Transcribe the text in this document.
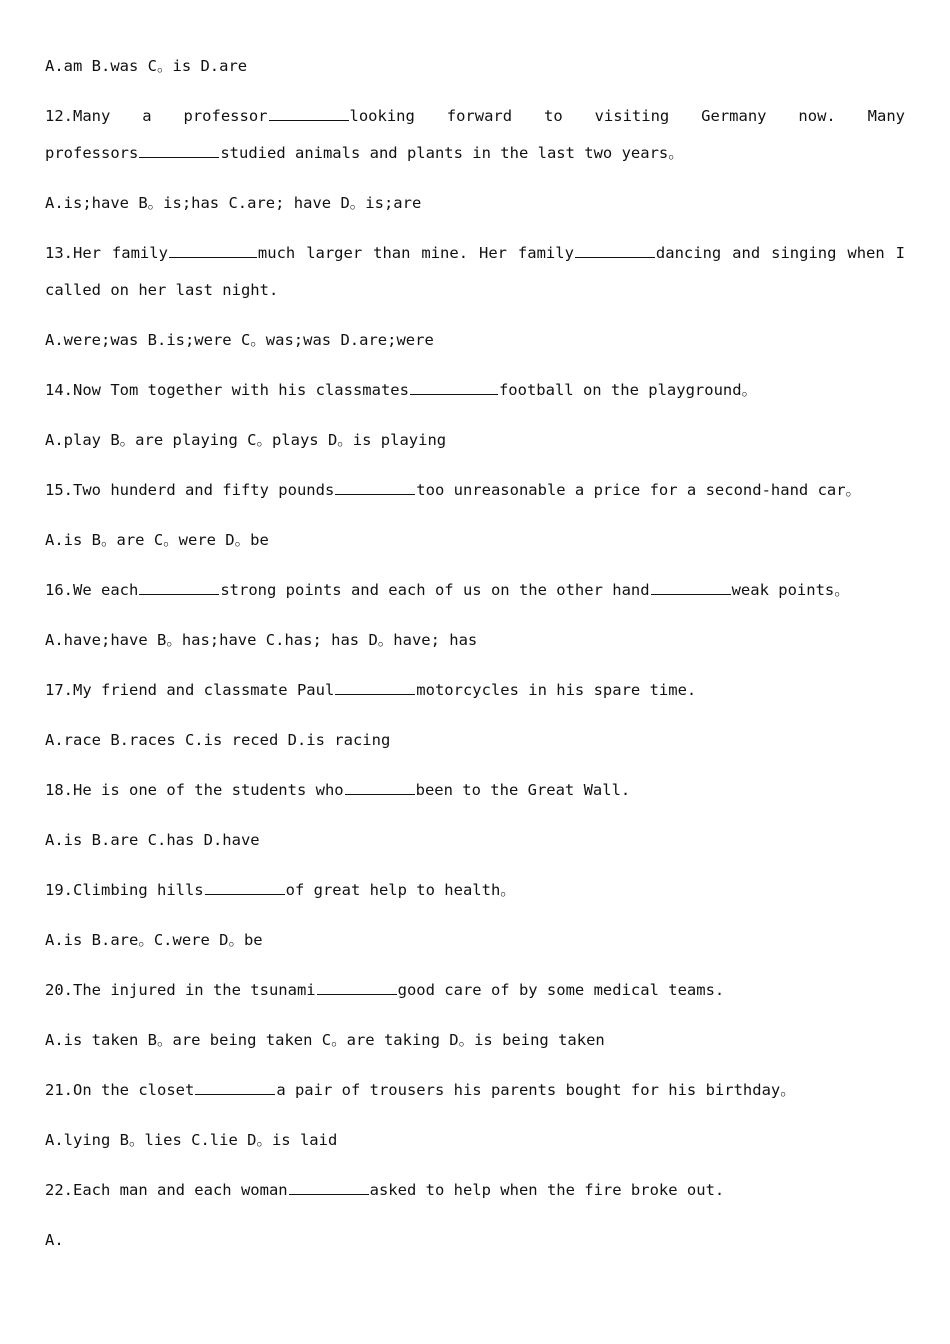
A.am B.was C。is D.are

12.Many a professor	looking forward to visiting Germany now. Many

professors	studied animals and plants in the last two years。

A.is;have B。is;has C.are; have D。is;are

13.Her family	much larger than mine. Her family	dancing and singing when I

called on her last night.

A.were;was B.is;were C。was;was D.are;were

14.Now Tom together with his classmates	football on the playground。

A.play B。are playing C。plays D。is playing

15.Two hunderd and fifty pounds	too unreasonable a price for a second-hand car。

A.is B。are C。were D。be

16.We each	strong points and each of us on the other hand	weak points。

A.have;have B。has;have C.has; has D。have; has

17.My friend and classmate Paul	motorcycles in his spare time.

A.race B.races C.is reced D.is racing

18.He is one of the students who	been to the Great Wall.

A.is B.are C.has D.have

19.Climbing hills	of great help to health。

A.is B.are。C.were D。be

20.The injured in the tsunami	good care of by some medical teams.

A.is taken B。are being taken C。are taking D。is being taken

21.On the closet	a pair of trousers his parents bought for his birthday。

A.lying B。lies C.lie D。is laid

22.Each man and each woman	asked to help when the fire broke out.

A.
